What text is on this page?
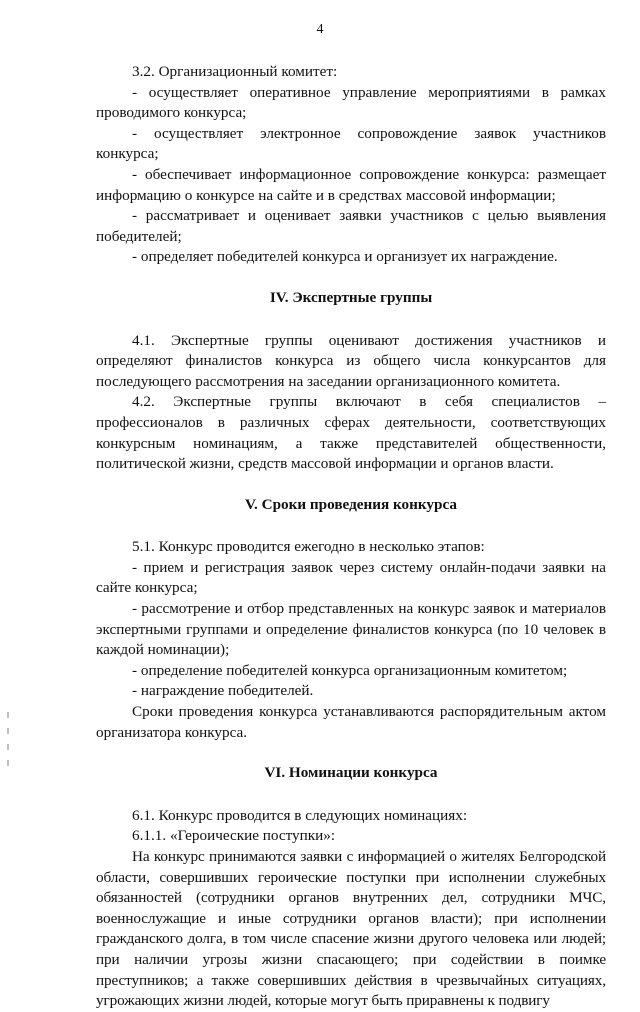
4

3.2. Организационный комитет:

- осуществляет оперативное управление мероприятиями в рамках проводимого конкурса;

- осуществляет электронное сопровождение заявок участников конкурса;

- обеспечивает информационное сопровождение конкурса: размещает информацию о конкурсе на сайте и в средствах массовой информации;

- рассматривает и оценивает заявки участников с целью выявления победителей;

- определяет победителей конкурса и организует их награждение.

IV. Экспертные группы

4.1. Экспертные группы оценивают достижения участников и определяют финалистов конкурса из общего числа конкурсантов для последующего рассмотрения на заседании организационного комитета.

4.2. Экспертные группы включают в себя специалистов – профессионалов в различных сферах деятельности, соответствующих конкурсным номинациям, а также представителей общественности, политической жизни, средств массовой информации и органов власти.

V. Сроки проведения конкурса

5.1. Конкурс проводится ежегодно в несколько этапов:

- прием и регистрация заявок через систему онлайн-подачи заявки на сайте конкурса;

- рассмотрение и отбор представленных на конкурс заявок и материалов экспертными группами и определение финалистов конкурса (по 10 человек в каждой номинации);

- определение победителей конкурса организационным комитетом;

- награждение победителей.

Сроки проведения конкурса устанавливаются распорядительным актом организатора конкурса.

VI. Номинации конкурса

6.1. Конкурс проводится в следующих номинациях:

6.1.1. «Героические поступки»:

На конкурс принимаются заявки с информацией о жителях Белгородской области, совершивших героические поступки при исполнении служебных обязанностей (сотрудники органов внутренних дел, сотрудники МЧС, военнослужащие и иные сотрудники органов власти); при исполнении гражданского долга, в том числе спасение жизни другого человека или людей; при наличии угрозы жизни спасающего; при содействии в поимке преступников; а также совершивших действия в чрезвычайных ситуациях, угрожающих жизни людей, которые могут быть приравнены к подвигу
